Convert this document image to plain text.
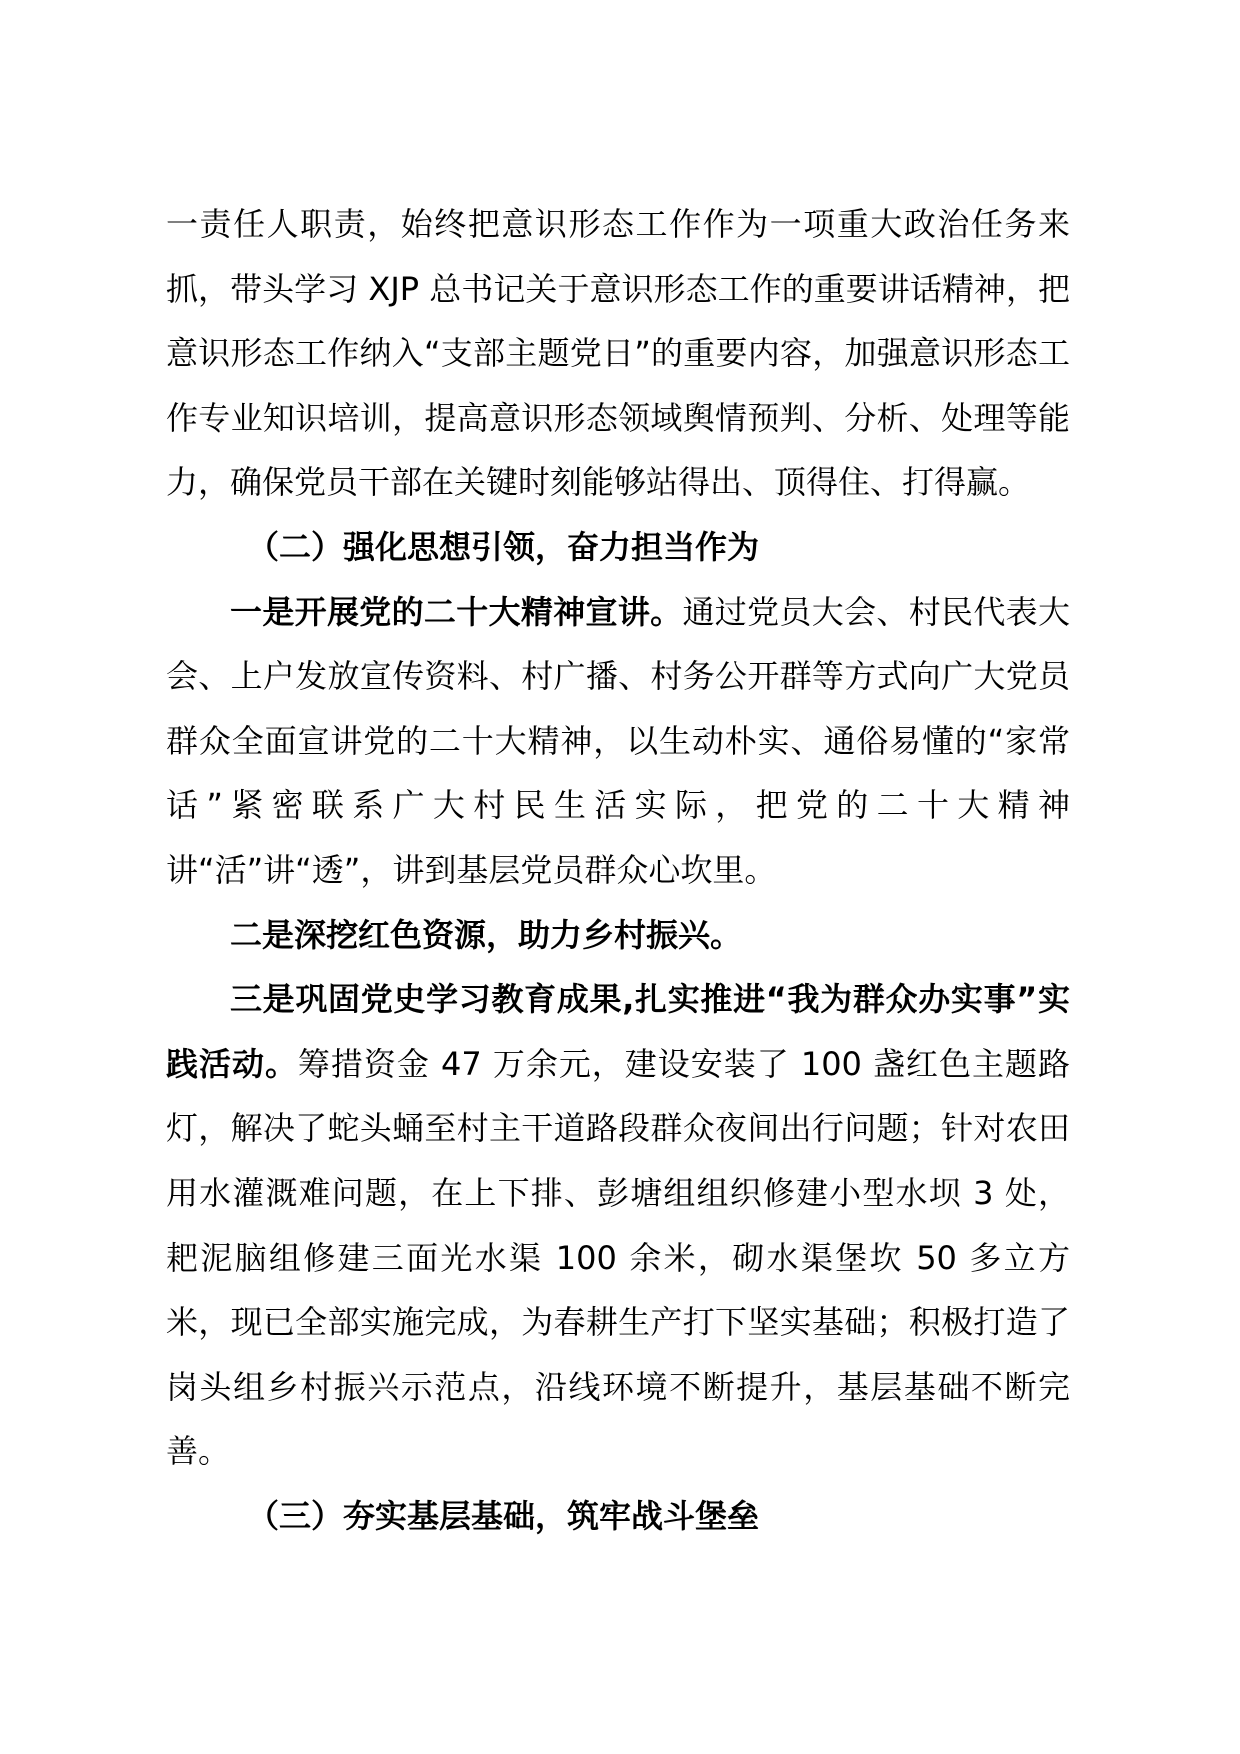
一责任人职责，始终把意识形态工作作为一项重大政治任务来抓，带头学习 XJP 总书记关于意识形态工作的重要讲话精神，把意识形态工作纳入“支部主题党日”的重要内容，加强意识形态工作专业知识培训，提高意识形态领域舆情预判、分析、处理等能力，确保党员干部在关键时刻能够站得出、顶得住、打得赢。

（二）强化思想引领，奋力担当作为

一是开展党的二十大精神宣讲。通过党员大会、村民代表大会、上户发放宣传资料、村广播、村务公开群等方式向广大党员群众全面宣讲党的二十大精神，以生动朴实、通俗易懂的“家常话”紧密联系广大村民生活实际，把党的二十大精神讲“活”讲“透”，讲到基层党员群众心坎里。

二是深挖红色资源，助力乡村振兴。

三是巩固党史学习教育成果,扎实推进“我为群众办实事”实践活动。筹措资金 47 万余元，建设安装了 100 盏红色主题路灯，解决了蛇头蛹至村主干道路段群众夜间出行问题；针对农田用水灌溉难问题，在上下排、彭塘组组织修建小型水坝 3 处，耙泥脑组修建三面光水渠 100 余米，砌水渠堡坎 50 多立方米，现已全部实施完成，为春耕生产打下坚实基础；积极打造了岗头组乡村振兴示范点，沿线环境不断提升，基层基础不断完善。

（三）夯实基层基础，筑牢战斗堡垒
